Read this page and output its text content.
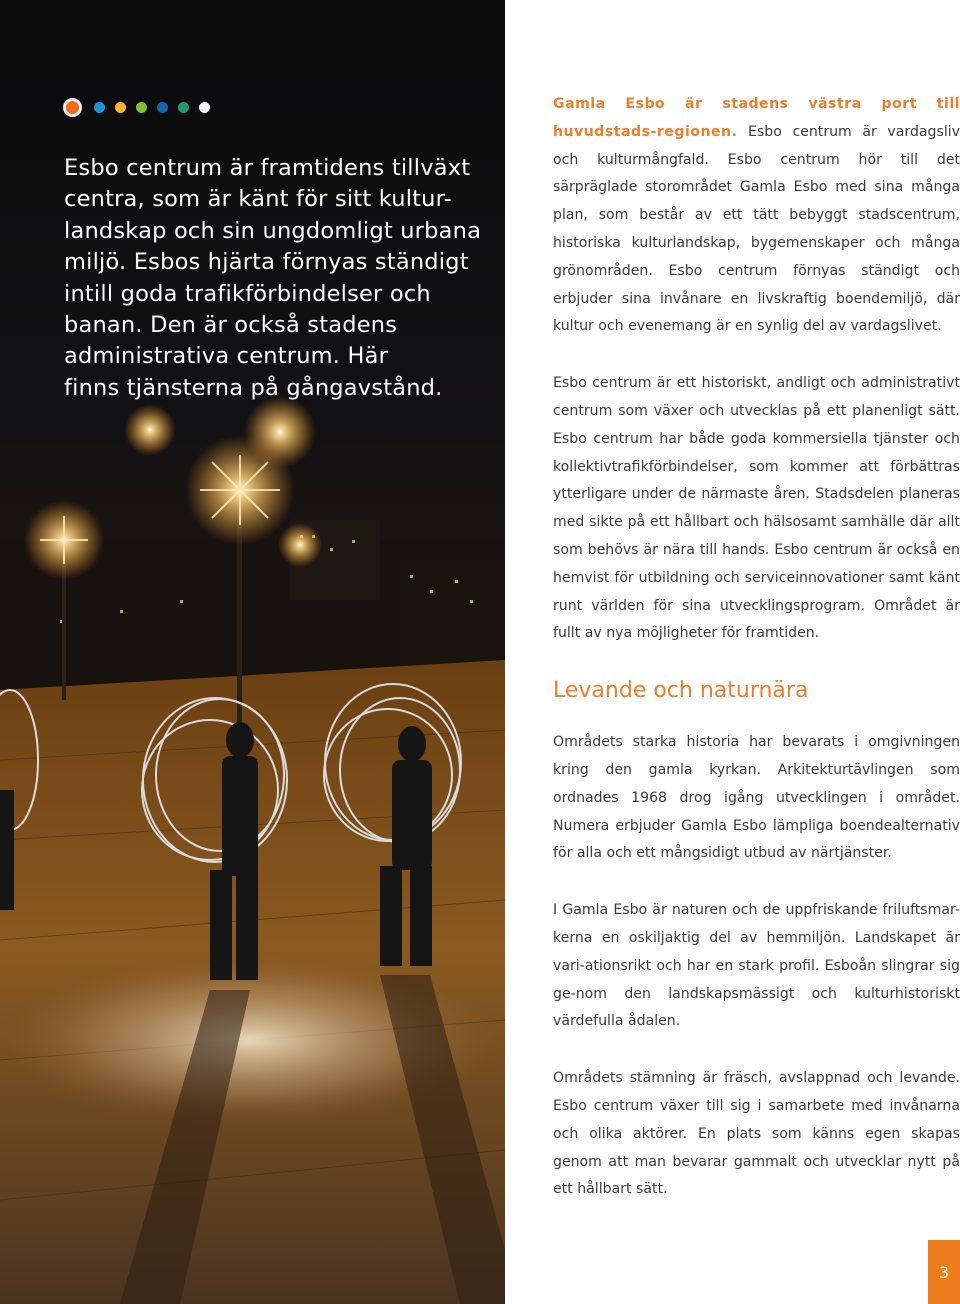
Esbo centrum är framtidens tillväxt
centra, som är känt för sitt kultur-
landskap och sin ungdomligt urbana
miljö. Esbos hjärta förnyas ständigt
intill goda trafikförbindelser och
banan. Den är också stadens
administrativa centrum. Här
finns tjänsterna på gångavstånd.

Gamla Esbo är stadens västra port till huvudstads-regionen. Esbo centrum är vardagsliv och kulturmångfald. Esbo centrum hör till det särpräglade storområdet Gamla Esbo med sina många plan, som består av ett tätt bebyggt stadscentrum, historiska kulturlandskap, bygemenskaper och många grönområden. Esbo centrum förnyas ständigt och erbjuder sina invånare en livskraftig boendemiljö, där kultur och evenemang är en synlig del av vardagslivet.

Esbo centrum är ett historiskt, andligt och administrativt centrum som växer och utvecklas på ett planenligt sätt. Esbo centrum har både goda kommersiella tjänster och kollektivtrafikförbindelser, som kommer att förbättras ytterligare under de närmaste åren. Stadsdelen planeras med sikte på ett hållbart och hälsosamt samhälle där allt som behövs är nära till hands. Esbo centrum är också en hemvist för utbildning och serviceinnovationer samt känt runt världen för sina utvecklingsprogram. Området är fullt av nya möjligheter för framtiden.

Levande och naturnära

Områdets starka historia har bevarats i omgivningen kring den gamla kyrkan. Arkitekturtävlingen som ordnades 1968 drog igång utvecklingen i området. Numera erbjuder Gamla Esbo lämpliga boendealternativ för alla och ett mångsidigt utbud av närtjänster.

I Gamla Esbo är naturen och de uppfriskande friluftsmar-kerna en oskiljaktig del av hemmiljön. Landskapet är vari-ationsrikt och har en stark profil. Esboån slingrar sig ge-nom den landskapsmässigt och kulturhistoriskt värdefulla ådalen.

Områdets stämning är fräsch, avslappnad och levande. Esbo centrum växer till sig i samarbete med invånarna och olika aktörer. En plats som känns egen skapas genom att man bevarar gammalt och utvecklar nytt på ett hållbart sätt.

3
